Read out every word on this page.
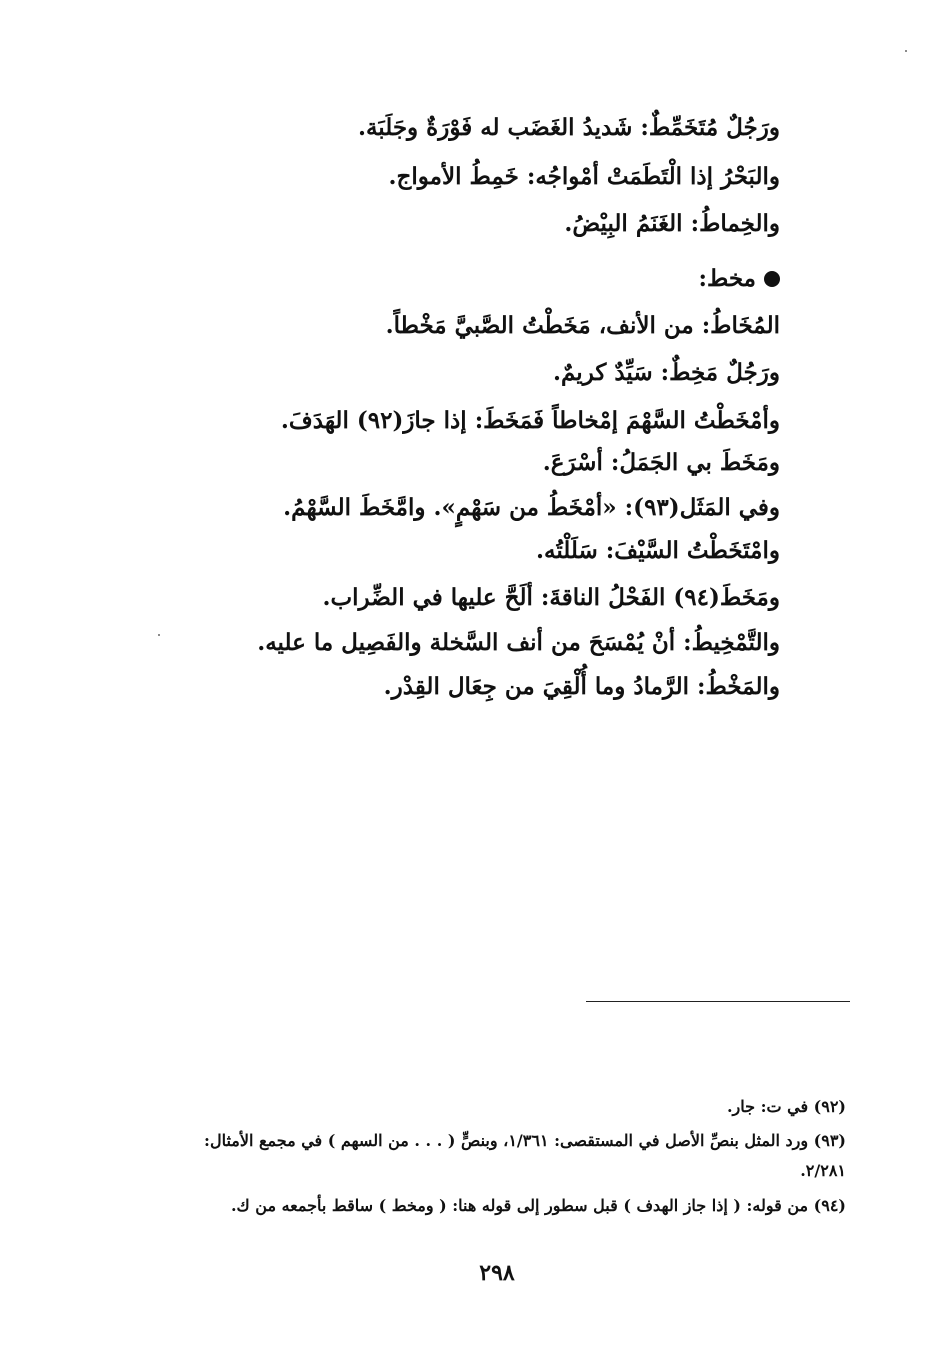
ورَجُلٌ مُتَخَمِّطٌ: شَديدُ الغَضَب له فَوْرَةٌ وجَلَبَة.
والبَحْرُ إذا الْتَطَمَتْ أمْواجُه: خَمِطُ الأمواج.
والخِماطُ: الغَنَمُ البِيْضُ.
مخط:
المُخَاطُ: من الأنف، مَخَطْتُ الصَّبيَّ مَخْطاً.
ورَجُلٌ مَخِطٌ: سَيِّدٌ كريمٌ.
وأمْخَطْتُ السَّهْمَ إمْخاطاً فَمَخَطَ: إذا جازَ(٩٢) الهَدَفَ.
ومَخَطَ بي الجَمَلُ: أسْرَعَ.
وفي المَثَل(٩٣): «أمْخَطُ من سَهْمٍ». وامَّخَطَ السَّهْمُ.
وامْتَخَطْتُ السَّيْفَ: سَلَلْتُه.
ومَخَطَ(٩٤) الفَحْلُ الناقةَ: ألَحَّ عليها في الضِّراب.
والتَّمْخِيطُ: أنْ يُمْسَحَ من أنف السَّخلة والفَصِيل ما عليه.
والمَخْطُ: الرَّمادُ وما أُلْقِيَ من جِعَال القِدْر.
(٩٢) في ت: جار.
(٩٣) ورد المثل بنصِّ الأصل في المستقصى: ١/٣٦١، وبنصٍّ ( . . . من السهم ) في مجمع الأمثال:
٢/٢٨١.
(٩٤) من قوله: ( إذا جاز الهدف ) قبل سطور إلى قوله هنا: ( ومخط ) ساقط بأجمعه من ك.
٢٩٨
